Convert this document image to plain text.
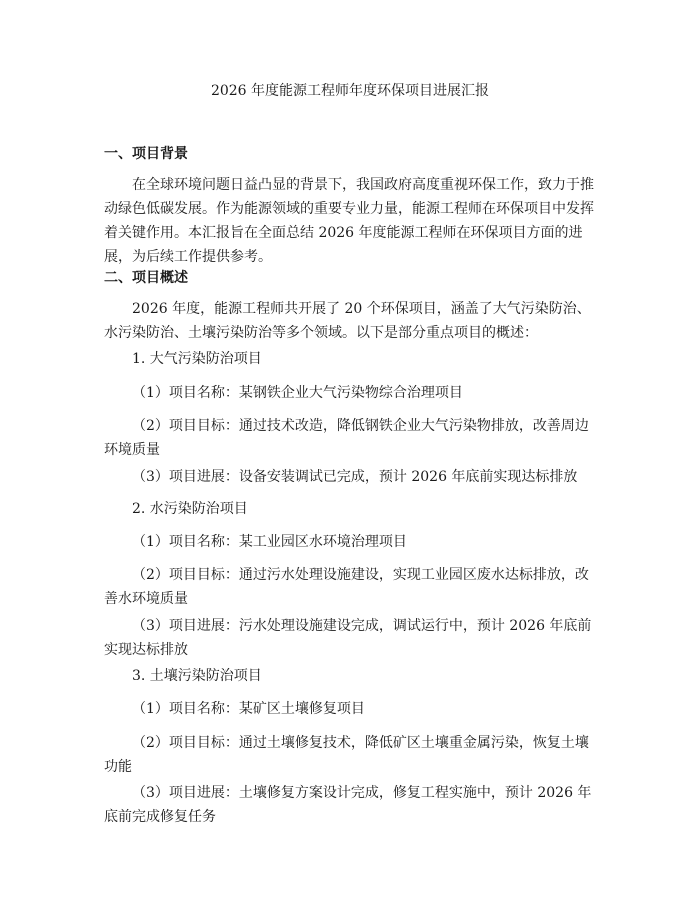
2026 年度能源工程师年度环保项目进展汇报
一、项目背景
在全球环境问题日益凸显的背景下，我国政府高度重视环保工作，致力于推动绿色低碳发展。作为能源领域的重要专业力量，能源工程师在环保项目中发挥着关键作用。本汇报旨在全面总结 2026 年度能源工程师在环保项目方面的进展，为后续工作提供参考。
二、项目概述
2026 年度，能源工程师共开展了 20 个环保项目，涵盖了大气污染防治、水污染防治、土壤污染防治等多个领域。以下是部分重点项目的概述：
1. 大气污染防治项目
（1）项目名称：某钢铁企业大气污染物综合治理项目
（2）项目目标：通过技术改造，降低钢铁企业大气污染物排放，改善周边环境质量
（3）项目进展：设备安装调试已完成，预计 2026 年底前实现达标排放
2. 水污染防治项目
（1）项目名称：某工业园区水环境治理项目
（2）项目目标：通过污水处理设施建设，实现工业园区废水达标排放，改善水环境质量
（3）项目进展：污水处理设施建设完成，调试运行中，预计 2026 年底前实现达标排放
3. 土壤污染防治项目
（1）项目名称：某矿区土壤修复项目
（2）项目目标：通过土壤修复技术，降低矿区土壤重金属污染，恢复土壤功能
（3）项目进展：土壤修复方案设计完成，修复工程实施中，预计 2026 年底前完成修复任务
